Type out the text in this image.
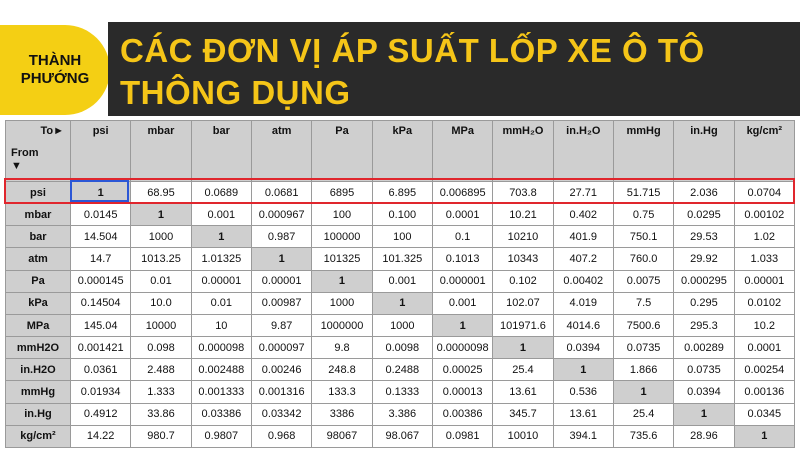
THÀNH
PHƯỚNG
CÁC ĐƠN VỊ ÁP SUẤT LỐP XE Ô TÔ
THÔNG DỤNG
To►
From
▼	psi	mbar	bar	atm	Pa	kPa	MPa	mmH₂O	in.H₂O	mmHg	in.Hg	kg/cm²
psi	1	68.95	0.0689	0.0681	6895	6.895	0.006895	703.8	27.71	51.715	2.036	0.0704
mbar	0.0145	1	0.001	0.000967	100	0.100	0.0001	10.21	0.402	0.75	0.0295	0.00102
bar	14.504	1000	1	0.987	100000	100	0.1	10210	401.9	750.1	29.53	1.02
atm	14.7	1013.25	1.01325	1	101325	101.325	0.1013	10343	407.2	760.0	29.92	1.033
Pa	0.000145	0.01	0.00001	0.00001	1	0.001	0.000001	0.102	0.00402	0.0075	0.000295	0.00001
kPa	0.14504	10.0	0.01	0.00987	1000	1	0.001	102.07	4.019	7.5	0.295	0.0102
MPa	145.04	10000	10	9.87	1000000	1000	1	101971.6	4014.6	7500.6	295.3	10.2
mmH2O	0.001421	0.098	0.000098	0.000097	9.8	0.0098	0.0000098	1	0.0394	0.0735	0.00289	0.0001
in.H2O	0.0361	2.488	0.002488	0.00246	248.8	0.2488	0.00025	25.4	1	1.866	0.0735	0.00254
mmHg	0.01934	1.333	0.001333	0.001316	133.3	0.1333	0.00013	13.61	0.536	1	0.0394	0.00136
in.Hg	0.4912	33.86	0.03386	0.03342	3386	3.386	0.00386	345.7	13.61	25.4	1	0.0345
kg/cm²	14.22	980.7	0.9807	0.968	98067	98.067	0.0981	10010	394.1	735.6	28.96	1
